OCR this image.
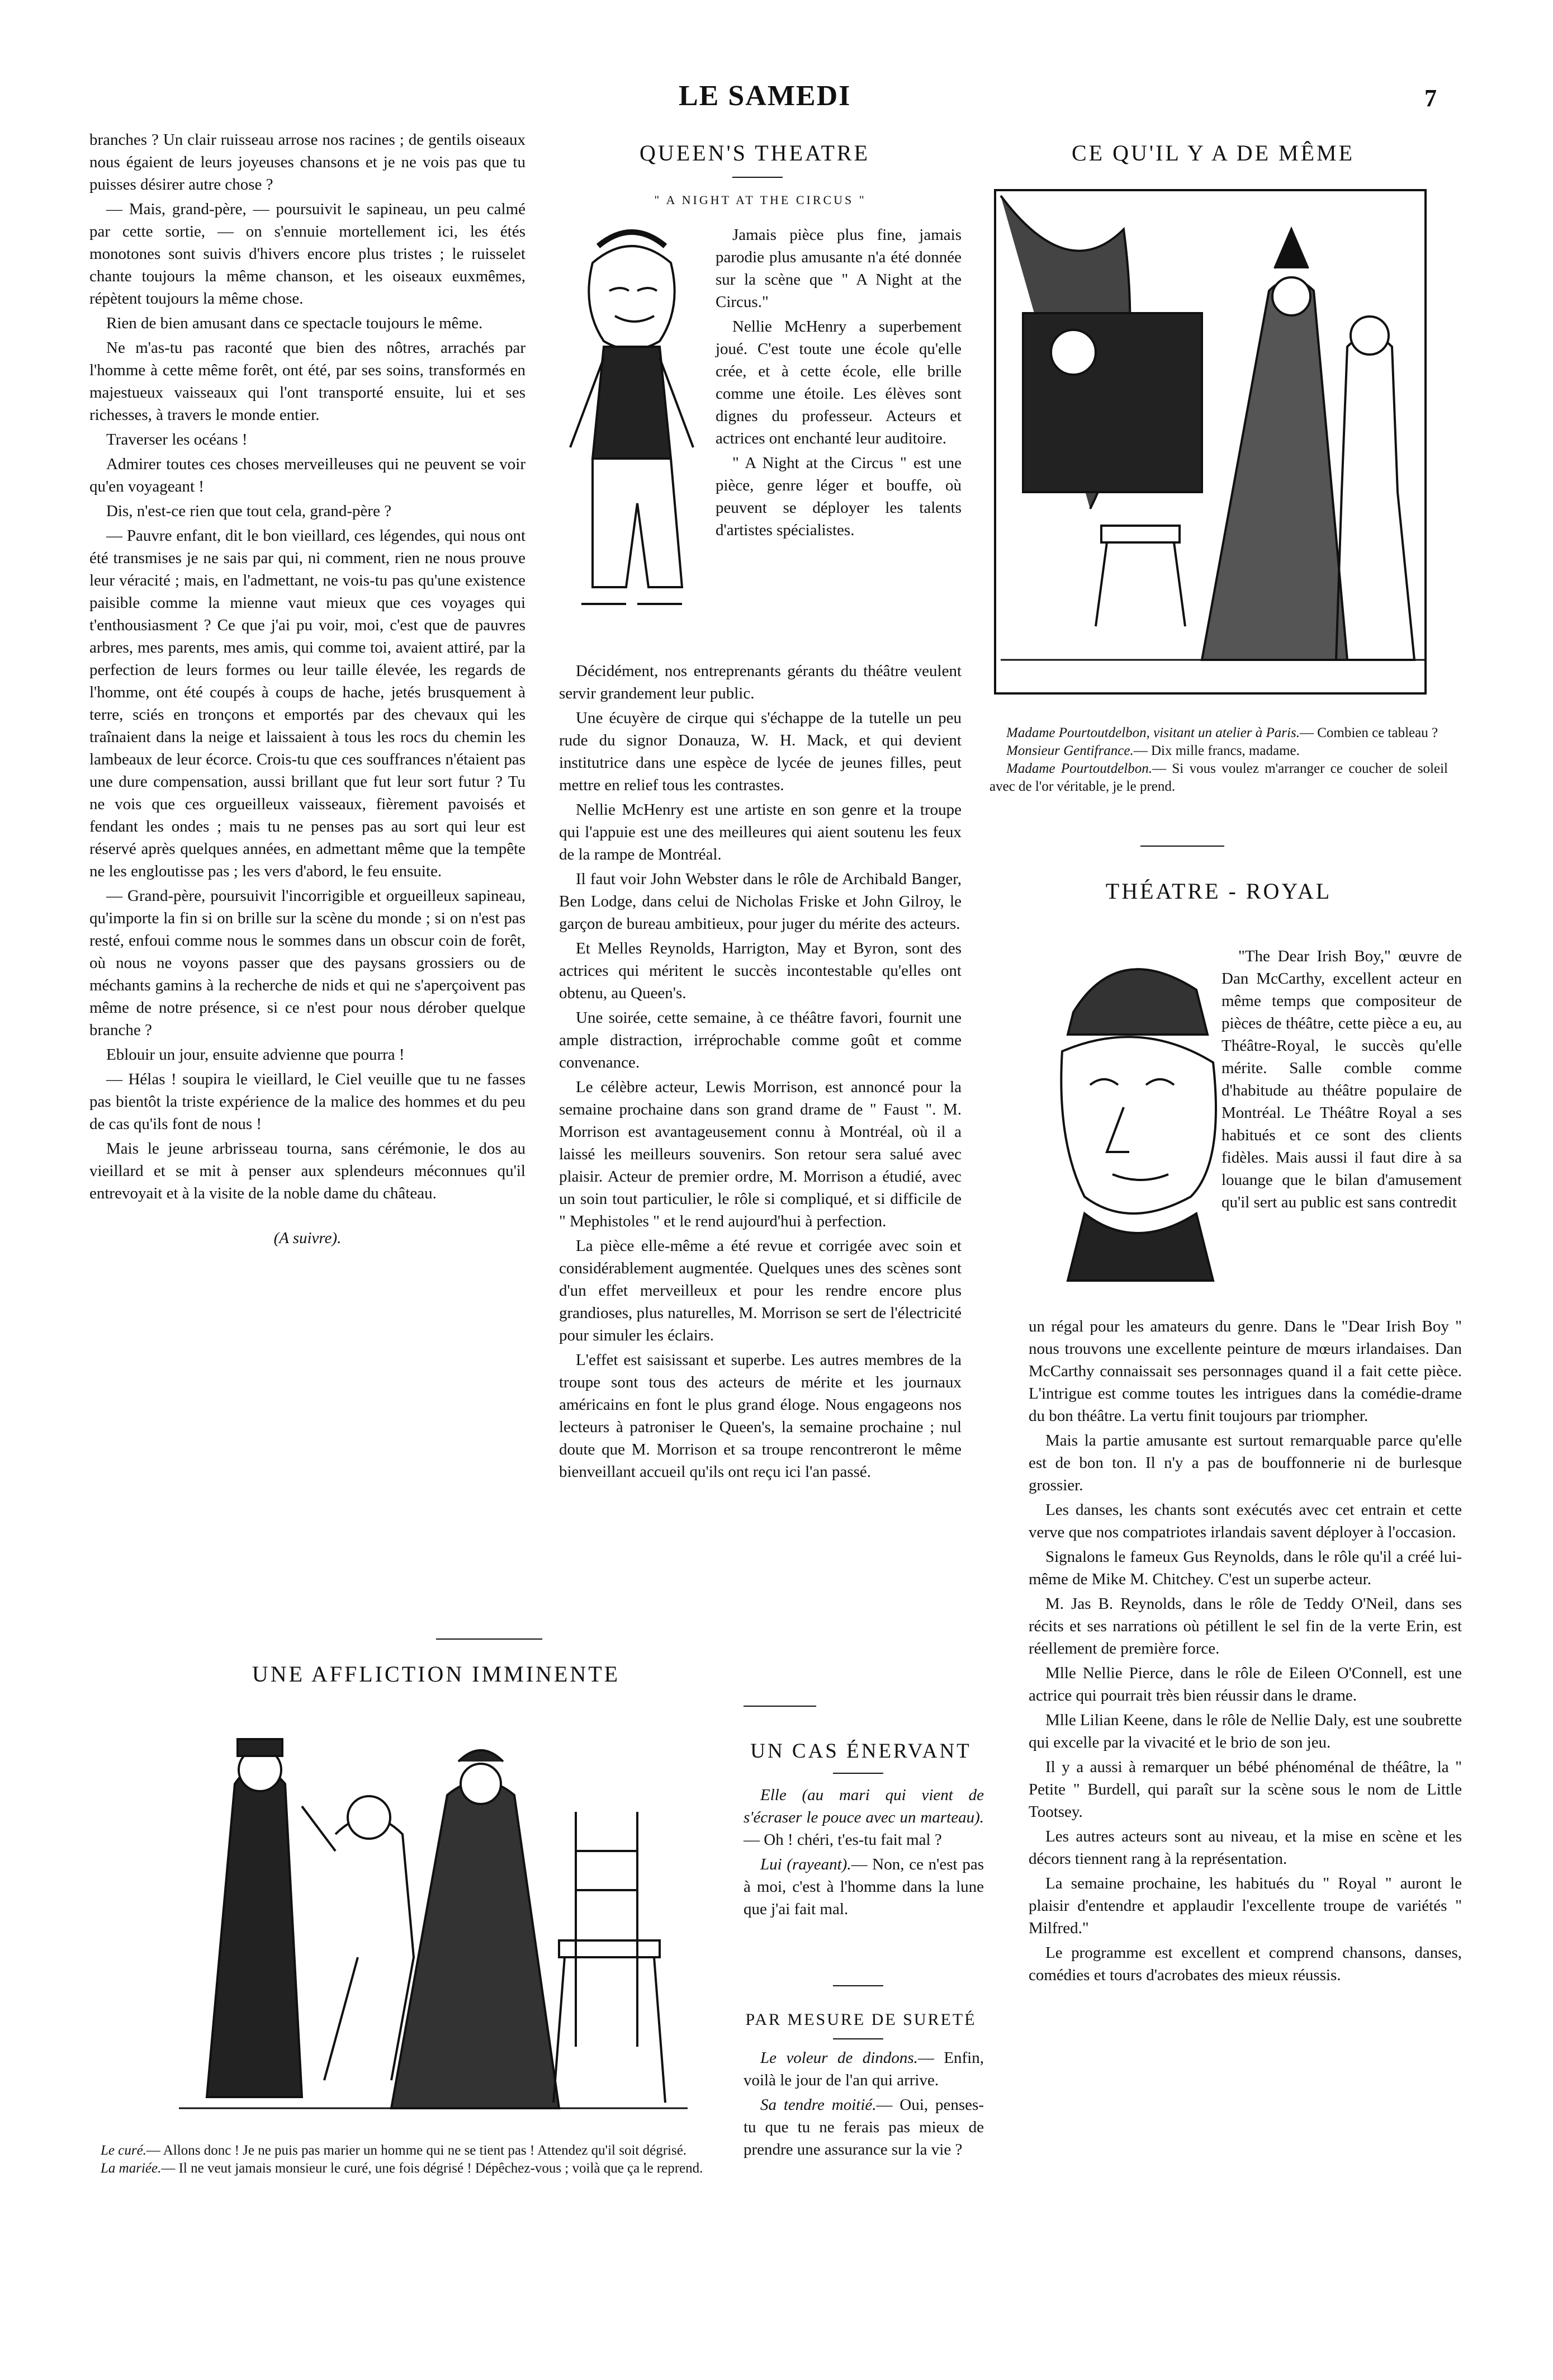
LE SAMEDI	7

branches ? Un clair ruisseau arrose nos racines ; de gentils oiseaux nous égaient de leurs joyeuses chansons et je ne vois pas que tu puisses désirer autre chose ?

— Mais, grand-père, — poursuivit le sapineau, un peu calmé par cette sortie, — on s'ennuie mortellement ici, les étés monotones sont suivis d'hivers encore plus tristes ; le ruisselet chante toujours la même chanson, et les oiseaux euxmêmes, répètent toujours la même chose.

Rien de bien amusant dans ce spectacle toujours le même.

Ne m'as-tu pas raconté que bien des nôtres, arrachés par l'homme à cette même forêt, ont été, par ses soins, transformés en majestueux vaisseaux qui l'ont transporté ensuite, lui et ses richesses, à travers le monde entier.

Traverser les océans !

Admirer toutes ces choses merveilleuses qui ne peuvent se voir qu'en voyageant !

Dis, n'est-ce rien que tout cela, grand-père ?

— Pauvre enfant, dit le bon vieillard, ces légendes, qui nous ont été transmises je ne sais par qui, ni comment, rien ne nous prouve leur véracité ; mais, en l'admettant, ne vois-tu pas qu'une existence paisible comme la mienne vaut mieux que ces voyages qui t'enthousiasment ? Ce que j'ai pu voir, moi, c'est que de pauvres arbres, mes parents, mes amis, qui comme toi, avaient attiré, par la perfection de leurs formes ou leur taille élevée, les regards de l'homme, ont été coupés à coups de hache, jetés brusquement à terre, sciés en tronçons et emportés par des chevaux qui les traînaient dans la neige et laissaient à tous les rocs du chemin les lambeaux de leur écorce. Crois-tu que ces souffrances n'étaient pas une dure compensation, aussi brillant que fut leur sort futur ? Tu ne vois que ces orgueilleux vaisseaux, fièrement pavoisés et fendant les ondes ; mais tu ne penses pas au sort qui leur est réservé après quelques années, en admettant même que la tempête ne les engloutisse pas ; les vers d'abord, le feu ensuite.

— Grand-père, poursuivit l'incorrigible et orgueilleux sapineau, qu'importe la fin si on brille sur la scène du monde ; si on n'est pas resté, enfoui comme nous le sommes dans un obscur coin de forêt, où nous ne voyons passer que des paysans grossiers ou de méchants gamins à la recherche de nids et qui ne s'aperçoivent pas même de notre présence, si ce n'est pour nous dérober quelque branche ?

Eblouir un jour, ensuite advienne que pourra !

— Hélas ! soupira le vieillard, le Ciel veuille que tu ne fasses pas bientôt la triste expérience de la malice des hommes et du peu de cas qu'ils font de nous !

Mais le jeune arbrisseau tourna, sans cérémonie, le dos au vieillard et se mit à penser aux splendeurs méconnues qu'il entrevoyait et à la visite de la noble dame du château.

(A suivre).

UNE AFFLICTION IMMINENTE
Le curé.— Allons donc ! Je ne puis pas marier un homme qui ne se tient pas ! Attendez qu'il soit dégrisé.
La mariée.— Il ne veut jamais monsieur le curé, une fois dégrisé ! Dépêchez-vous ; voilà que ça le reprend.
QUEEN'S THEATRE
" A NIGHT AT THE CIRCUS "

Jamais pièce plus fine, jamais parodie plus amusante n'a été donnée sur la scène que " A Night at the Circus."

Nellie McHenry a superbement joué. C'est toute une école qu'elle crée, et à cette école, elle brille comme une étoile. Les élèves sont dignes du professeur. Acteurs et actrices ont enchanté leur auditoire.

" A Night at the Circus " est une pièce, genre léger et bouffe, où peuvent se déployer les talents d'artistes spécialistes.

Décidément, nos entreprenants gérants du théâtre veulent servir grandement leur public.

Une écuyère de cirque qui s'échappe de la tutelle un peu rude du signor Donauza, W. H. Mack, et qui devient institutrice dans une espèce de lycée de jeunes filles, peut mettre en relief tous les contrastes.

Nellie McHenry est une artiste en son genre et la troupe qui l'appuie est une des meilleures qui aient soutenu les feux de la rampe de Montréal.

Il faut voir John Webster dans le rôle de Archibald Banger, Ben Lodge, dans celui de Nicholas Friske et John Gilroy, le garçon de bureau ambitieux, pour juger du mérite des acteurs.

Et Melles Reynolds, Harrigton, May et Byron, sont des actrices qui méritent le succès incontestable qu'elles ont obtenu, au Queen's.

Une soirée, cette semaine, à ce théâtre favori, fournit une ample distraction, irréprochable comme goût et comme convenance.

Le célèbre acteur, Lewis Morrison, est annoncé pour la semaine prochaine dans son grand drame de " Faust ". M. Morrison est avantageusement connu à Montréal, où il a laissé les meilleurs souvenirs. Son retour sera salué avec plaisir. Acteur de premier ordre, M. Morrison a étudié, avec un soin tout particulier, le rôle si compliqué, et si difficile de " Mephistoles " et le rend aujourd'hui à perfection.

La pièce elle-même a été revue et corrigée avec soin et considérablement augmentée. Quelques unes des scènes sont d'un effet merveilleux et pour les rendre encore plus grandioses, plus naturelles, M. Morrison se sert de l'électricité pour simuler les éclairs.

L'effet est saisissant et superbe. Les autres membres de la troupe sont tous des acteurs de mérite et les journaux américains en font le plus grand éloge. Nous engageons nos lecteurs à patroniser le Queen's, la semaine prochaine ; nul doute que M. Morrison et sa troupe rencontreront le même bienveillant accueil qu'ils ont reçu ici l'an passé.

UN CAS ÉNERVANT

Elle (au mari qui vient de s'écraser le pouce avec un marteau).— Oh ! chéri, t'es-tu fait mal ?

Lui (rayeant).— Non, ce n'est pas à moi, c'est à l'homme dans la lune que j'ai fait mal.

PAR MESURE DE SURETÉ

Le voleur de dindons.— Enfin, voilà le jour de l'an qui arrive.

Sa tendre moitié.— Oui, penses-tu que tu ne ferais pas mieux de prendre une assurance sur la vie ?

CE QU'IL Y A DE MÊME
Madame Pourtoutdelbon, visitant un atelier à Paris.— Combien ce tableau ?
Monsieur Gentifrance.— Dix mille francs, madame.
Madame Pourtoutdelbon.— Si vous voulez m'arranger ce coucher de soleil avec de l'or véritable, je le prend.
THÉATRE - ROYAL

"The Dear Irish Boy," œuvre de Dan McCarthy, excellent acteur en même temps que compositeur de pièces de théâtre, cette pièce a eu, au Théâtre-Royal, le succès qu'elle mérite. Salle comble comme d'habitude au théâtre populaire de Montréal. Le Théâtre Royal a ses habitués et ce sont des clients fidèles. Mais aussi il faut dire à sa louange que le bilan d'amusement qu'il sert au public est sans contredit

un régal pour les amateurs du genre. Dans le "Dear Irish Boy " nous trouvons une excellente peinture de mœurs irlandaises. Dan McCarthy connaissait ses personnages quand il a fait cette pièce. L'intrigue est comme toutes les intrigues dans la comédie-drame du bon théâtre. La vertu finit toujours par triompher.

Mais la partie amusante est surtout remarquable parce qu'elle est de bon ton. Il n'y a pas de bouffonnerie ni de burlesque grossier.

Les danses, les chants sont exécutés avec cet entrain et cette verve que nos compatriotes irlandais savent déployer à l'occasion.

Signalons le fameux Gus Reynolds, dans le rôle qu'il a créé lui-même de Mike M. Chitchey. C'est un superbe acteur.

M. Jas B. Reynolds, dans le rôle de Teddy O'Neil, dans ses récits et ses narrations où pétillent le sel fin de la verte Erin, est réellement de première force.

Mlle Nellie Pierce, dans le rôle de Eileen O'Connell, est une actrice qui pourrait très bien réussir dans le drame.

Mlle Lilian Keene, dans le rôle de Nellie Daly, est une soubrette qui excelle par la vivacité et le brio de son jeu.

Il y a aussi à remarquer un bébé phénoménal de théâtre, la " Petite " Burdell, qui paraît sur la scène sous le nom de Little Tootsey.

Les autres acteurs sont au niveau, et la mise en scène et les décors tiennent rang à la représentation.

La semaine prochaine, les habitués du " Royal " auront le plaisir d'entendre et applaudir l'excellente troupe de variétés " Milfred."

Le programme est excellent et comprend chansons, danses, comédies et tours d'acrobates des mieux réussis.
